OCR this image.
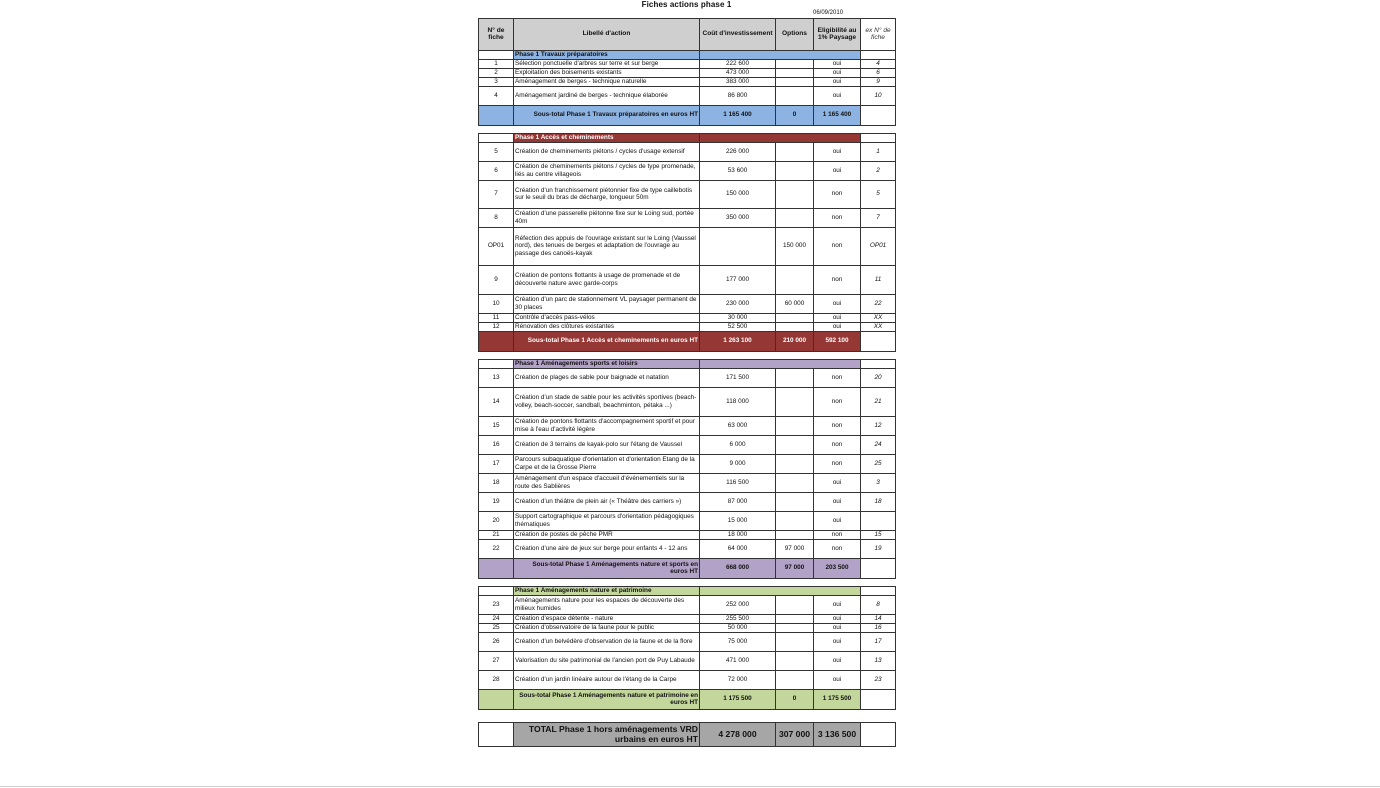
Fiches actions phase 1
06/09/2010

N° de fiche	Libellé d'action	Coût d'investissement	Options	Eligibilité au 1% Paysage	ex N° de fiche
	Phase 1 Travaux préparatoires				
1	Sélection ponctuelle d'arbres sur terre et sur berge	222 600		oui	4
2	Exploitation des boisements existants	473 000		oui	6
3	Aménagement de berges - technique naturelle	383 000		oui	9
4	Aménagement jardiné de berges - technique élaborée	86 800		oui	10
	Sous-total Phase 1 Travaux préparatoires en euros HT	1 165 400	0	1 165 400	

	Phase 1 Accès et cheminements				
5	Création de cheminements piétons / cycles d'usage extensif	226 000		oui	1
6	Création de cheminements piétons / cycles de type promenade, liés au centre villageois	53 600		oui	2
7	Création d'un franchissement piétonnier fixe de type caillebotis sur le seuil du bras de décharge, longueur 50m	150 000		non	5
8	Création d'une passerelle piétonne fixe sur le Loing sud, portée 40m	350 000		non	7
OP01	Réfection des appuis de l'ouvrage existant sur le Loing (Vaussel nord), des tenues de berges et adaptation de l'ouvrage au passage des canoës-kayak		150 000	non	OP01
9	Création de pontons flottants à usage de promenade et de découverte nature avec garde-corps	177 000		non	11
10	Création d'un parc de stationnement VL paysager permanent de 30 places	230 000	60 000	oui	22
11	Contrôle d'accès pass-vélos	30 000		oui	XX
12	Rénovation des clôtures existantes	52 500		oui	XX
	Sous-total Phase 1 Accès et cheminements en euros HT	1 263 100	210 000	592 100	

	Phase 1 Aménagements sports et loisirs				
13	Création de plages de sable pour baignade et natation	171 500		non	20
14	Création d'un stade de sable pour les activités sportives (beach-volley, beach-soccer, sandball, beachminton, pétaka ...)	118 000		non	21
15	Création de pontons flottants d'accompagnement sportif et pour mise à l'eau d'activité légère	63 000		non	12
16	Création de 3 terrains de kayak-polo sur l'étang de Vaussel	6 000		non	24
17	Parcours subaquatique d'orientation et d'orientation Etang de la Carpe et de la Grosse Pierre	9 000		non	25
18	Aménagement d'un espace d'accueil d'événementiels sur la route des Sablières	116 500		oui	3
19	Création d'un théâtre de plein air (« Théâtre des carriers »)	87 000		oui	18
20	Support cartographique et parcours d'orientation pédagogiques thématiques	15 000		oui	
21	Création de postes de pêche PMR	18 000		non	15
22	Création d'une aire de jeux sur berge pour enfants 4 - 12 ans	64 000	97 000	non	19
	Sous-total Phase 1 Aménagements nature et sports en euros HT	668 000	97 000	203 500	

	Phase 1 Aménagements nature et patrimoine				
23	Aménagements nature pour les espaces de découverte des milieux humides	252 000		oui	8
24	Création d'espace détente - nature	255 500		oui	14
25	Création d'observatoire de la faune pour le public	50 000		oui	16
26	Création d'un belvédère d'observation de la faune et de la flore	75 000		oui	17
27	Valorisation du site patrimonial de l'ancien port de Puy Labaude	471 000		oui	13
28	Création d'un jardin linéaire autour de l'étang de la Carpe	72 000		oui	23
	Sous-total Phase 1 Aménagements nature et patrimoine en euros HT	1 175 500	0	1 175 500	

	TOTAL Phase 1 hors aménagements VRD urbains en euros HT	4 278 000	307 000	3 136 500	
